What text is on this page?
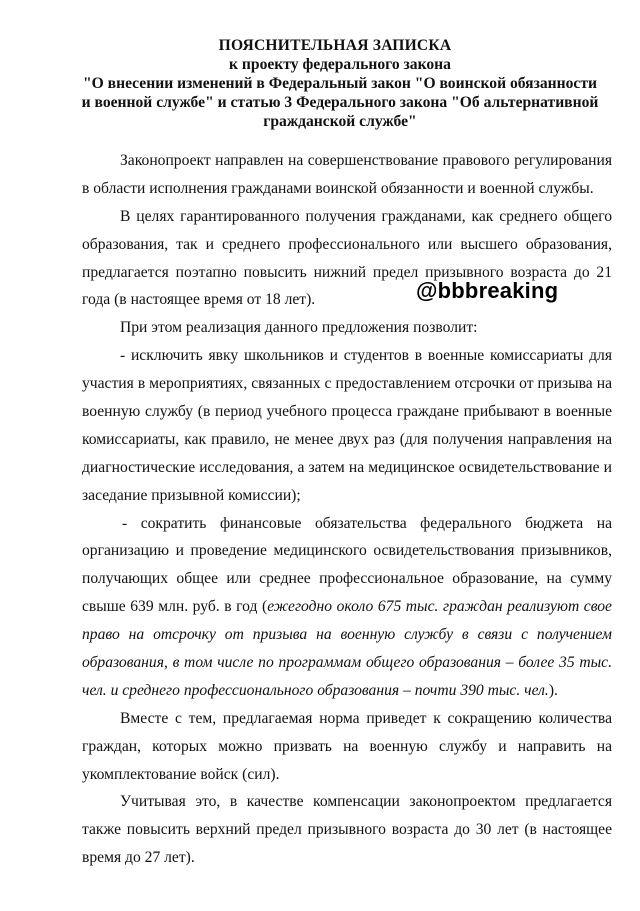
ПОЯСНИТЕЛЬНАЯ ЗАПИСКА
к проекту федерального закона
"О внесении изменений в Федеральный закон "О воинской обязанности
и военной службе" и статью 3 Федерального закона "Об альтернативной
гражданской службе"
Законопроект направлен на совершенствование правового регулирования
в области исполнения гражданами воинской обязанности и военной службы.
В целях гарантированного получения гражданами, как среднего общего
образования, так и среднего профессионального или высшего образования,
предлагается поэтапно повысить нижний предел призывного возраста до 21
года (в настоящее время от 18 лет).
При этом реализация данного предложения позволит:
- исключить явку школьников и студентов в военные комиссариаты для
участия в мероприятиях, связанных с предоставлением отсрочки от призыва на
военную службу (в период учебного процесса граждане прибывают в военные
комиссариаты, как правило, не менее двух раз (для получения направления на
диагностические исследования, а затем на медицинское освидетельствование и
заседание призывной комиссии);
- сократить финансовые обязательства федерального бюджета на
организацию и проведение медицинского освидетельствования призывников,
получающих общее или среднее профессиональное образование, на сумму
свыше 639 млн. руб. в год (ежегодно около 675 тыс. граждан реализуют свое
право на отсрочку от призыва на военную службу в связи с получением
образования, в том числе по программам общего образования – более 35 тыс.
чел. и среднего профессионального образования – почти 390 тыс. чел.).
Вместе с тем, предлагаемая норма приведет к сокращению количества
граждан, которых можно призвать на военную службу и направить на
укомплектование войск (сил).
Учитывая это, в качестве компенсации законопроектом предлагается
также повысить верхний предел призывного возраста до 30 лет (в настоящее
время до 27 лет).
@bbbreaking
